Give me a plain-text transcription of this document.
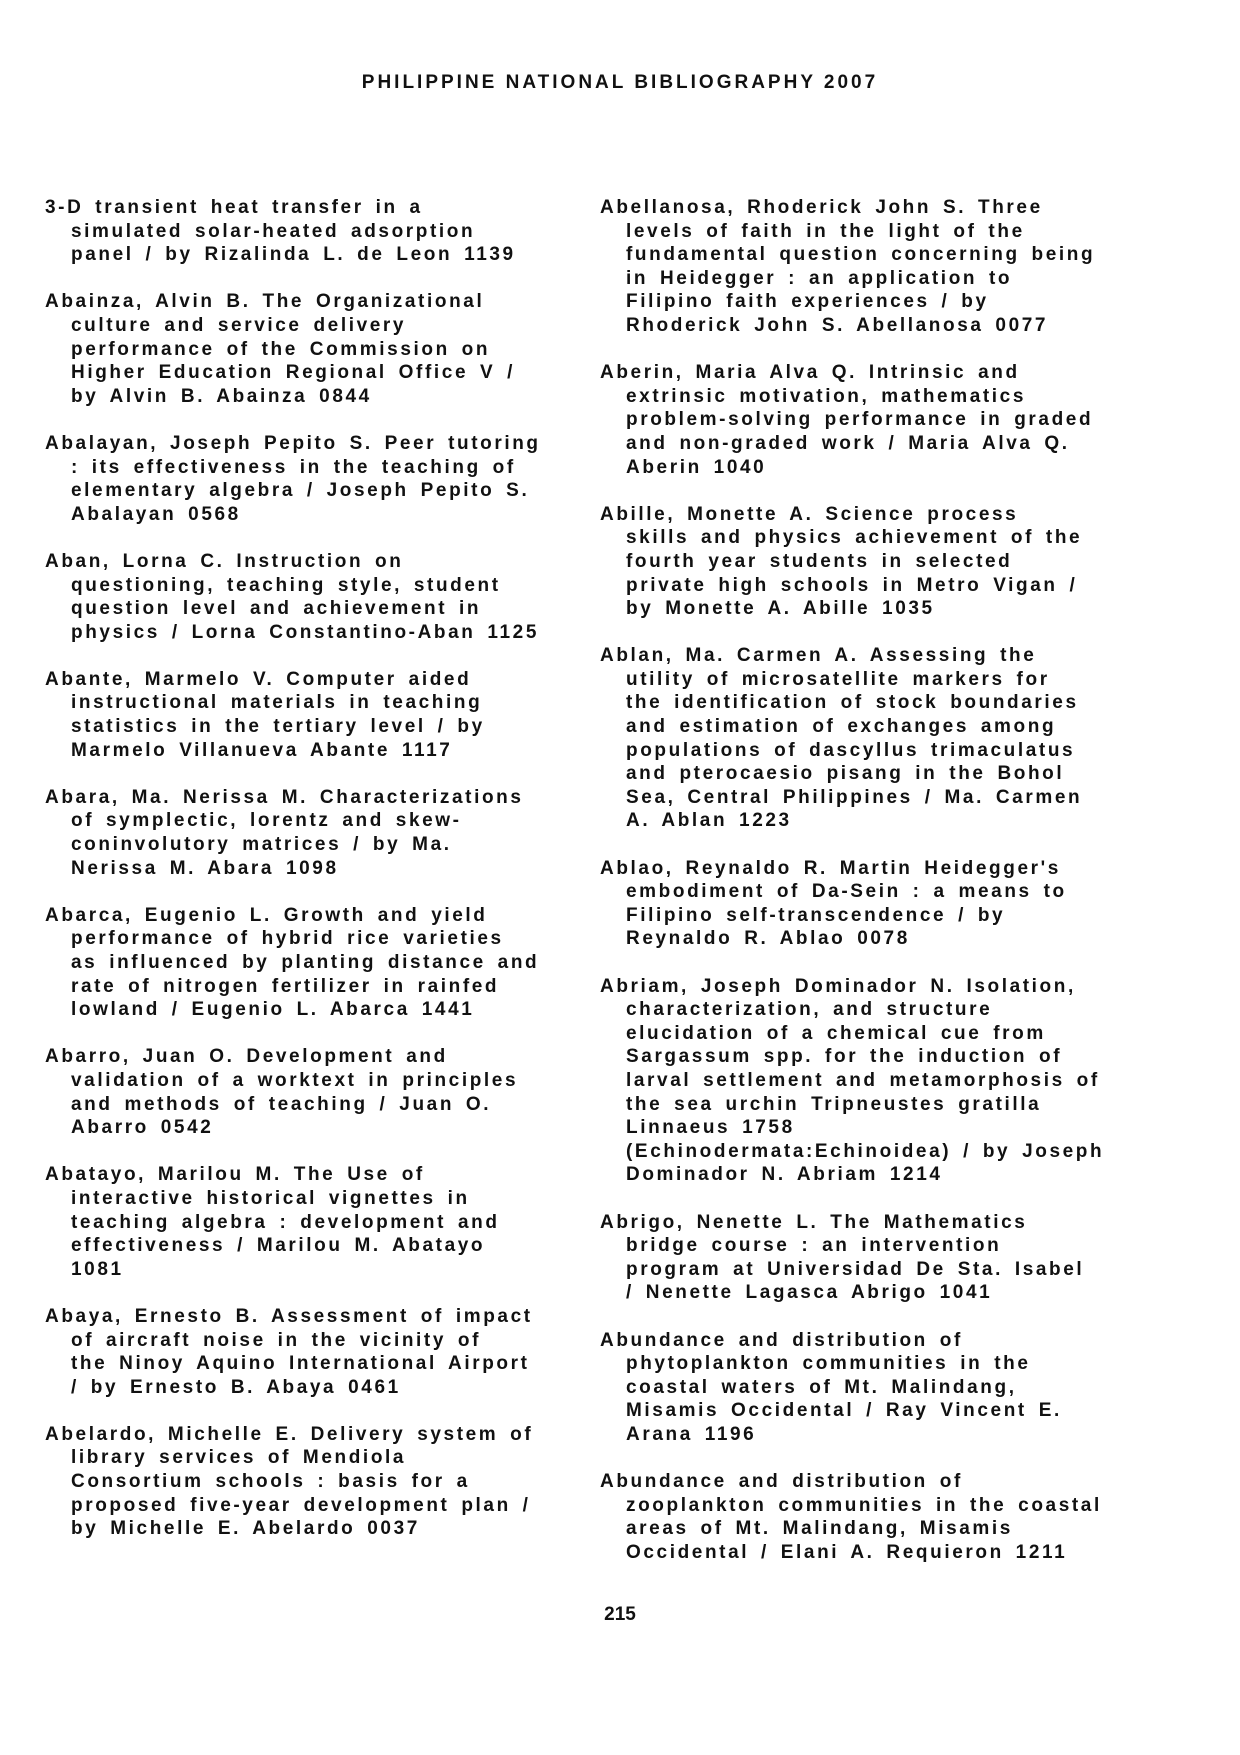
PHILIPPINE NATIONAL BIBLIOGRAPHY 2007
3-D transient heat transfer in a
simulated solar-heated adsorption
panel / by Rizalinda L. de Leon 1139
Abainza, Alvin B. The Organizational
culture and service delivery
performance of the Commission on
Higher Education Regional Office V /
by Alvin B. Abainza 0844
Abalayan, Joseph Pepito S. Peer tutoring
: its effectiveness in the teaching of
elementary algebra / Joseph Pepito S.
Abalayan 0568
Aban, Lorna C. Instruction on
questioning, teaching style, student
question level and achievement in
physics / Lorna Constantino-Aban 1125
Abante, Marmelo V. Computer aided
instructional materials in teaching
statistics in the tertiary level / by
Marmelo Villanueva Abante 1117
Abara, Ma. Nerissa M. Characterizations
of symplectic, lorentz and skew-
coninvolutory matrices / by Ma.
Nerissa M. Abara 1098
Abarca, Eugenio L. Growth and yield
performance of hybrid rice varieties
as influenced by planting distance and
rate of nitrogen fertilizer in rainfed
lowland / Eugenio L. Abarca 1441
Abarro, Juan O. Development and
validation of a worktext in principles
and methods of teaching / Juan O.
Abarro 0542
Abatayo, Marilou M. The Use of
interactive historical vignettes in
teaching algebra : development and
effectiveness / Marilou M. Abatayo
1081
Abaya, Ernesto B. Assessment of impact
of aircraft noise in the vicinity of
the Ninoy Aquino International Airport
/ by Ernesto B. Abaya 0461
Abelardo, Michelle E. Delivery system of
library services of Mendiola
Consortium schools : basis for a
proposed five-year development plan /
by Michelle E. Abelardo 0037
Abellanosa, Rhoderick John S. Three
levels of faith in the light of the
fundamental question concerning being
in Heidegger : an application to
Filipino faith experiences / by
Rhoderick John S. Abellanosa 0077
Aberin, Maria Alva Q. Intrinsic and
extrinsic motivation, mathematics
problem-solving performance in graded
and non-graded work / Maria Alva Q.
Aberin 1040
Abille, Monette A. Science process
skills and physics achievement of the
fourth year students in selected
private high schools in Metro Vigan /
by Monette A. Abille 1035
Ablan, Ma. Carmen A. Assessing the
utility of microsatellite markers for
the identification of stock boundaries
and estimation of exchanges among
populations of dascyllus trimaculatus
and pterocaesio pisang in the Bohol
Sea, Central Philippines / Ma. Carmen
A. Ablan 1223
Ablao, Reynaldo R. Martin Heidegger's
embodiment of Da-Sein : a means to
Filipino self-transcendence / by
Reynaldo R. Ablao 0078
Abriam, Joseph Dominador N. Isolation,
characterization, and structure
elucidation of a chemical cue from
Sargassum spp. for the induction of
larval settlement and metamorphosis of
the sea urchin Tripneustes gratilla
Linnaeus 1758
(Echinodermata:Echinoidea) / by Joseph
Dominador N. Abriam 1214
Abrigo, Nenette L. The Mathematics
bridge course : an intervention
program at Universidad De Sta. Isabel
/ Nenette Lagasca Abrigo 1041
Abundance and distribution of
phytoplankton communities in the
coastal waters of Mt. Malindang,
Misamis Occidental / Ray Vincent E.
Arana 1196
Abundance and distribution of
zooplankton communities in the coastal
areas of Mt. Malindang, Misamis
Occidental / Elani A. Requieron 1211
215
